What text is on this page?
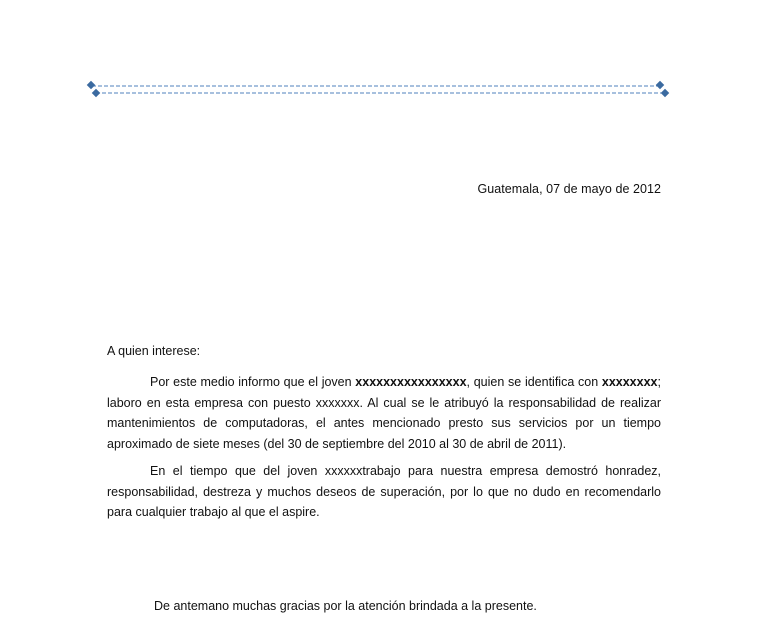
Guatemala, 07 de mayo de 2012
A quien interese:
Por este medio informo que el joven xxxxxxxxxxxxxxxx, quien se identifica con xxxxxxxx; laboro en esta empresa con puesto xxxxxxx. Al cual se le atribuyó la responsabilidad de realizar mantenimientos de computadoras, el antes mencionado presto sus servicios por un tiempo aproximado de siete meses (del 30 de septiembre del 2010 al 30 de abril de 2011).
En el tiempo que del joven xxxxxxtrabajo para nuestra empresa demostró honradez, responsabilidad, destreza y muchos deseos de superación, por lo que no dudo en recomendarlo para cualquier trabajo al que el aspire.
De antemano muchas gracias por la atención brindada a la presente.
